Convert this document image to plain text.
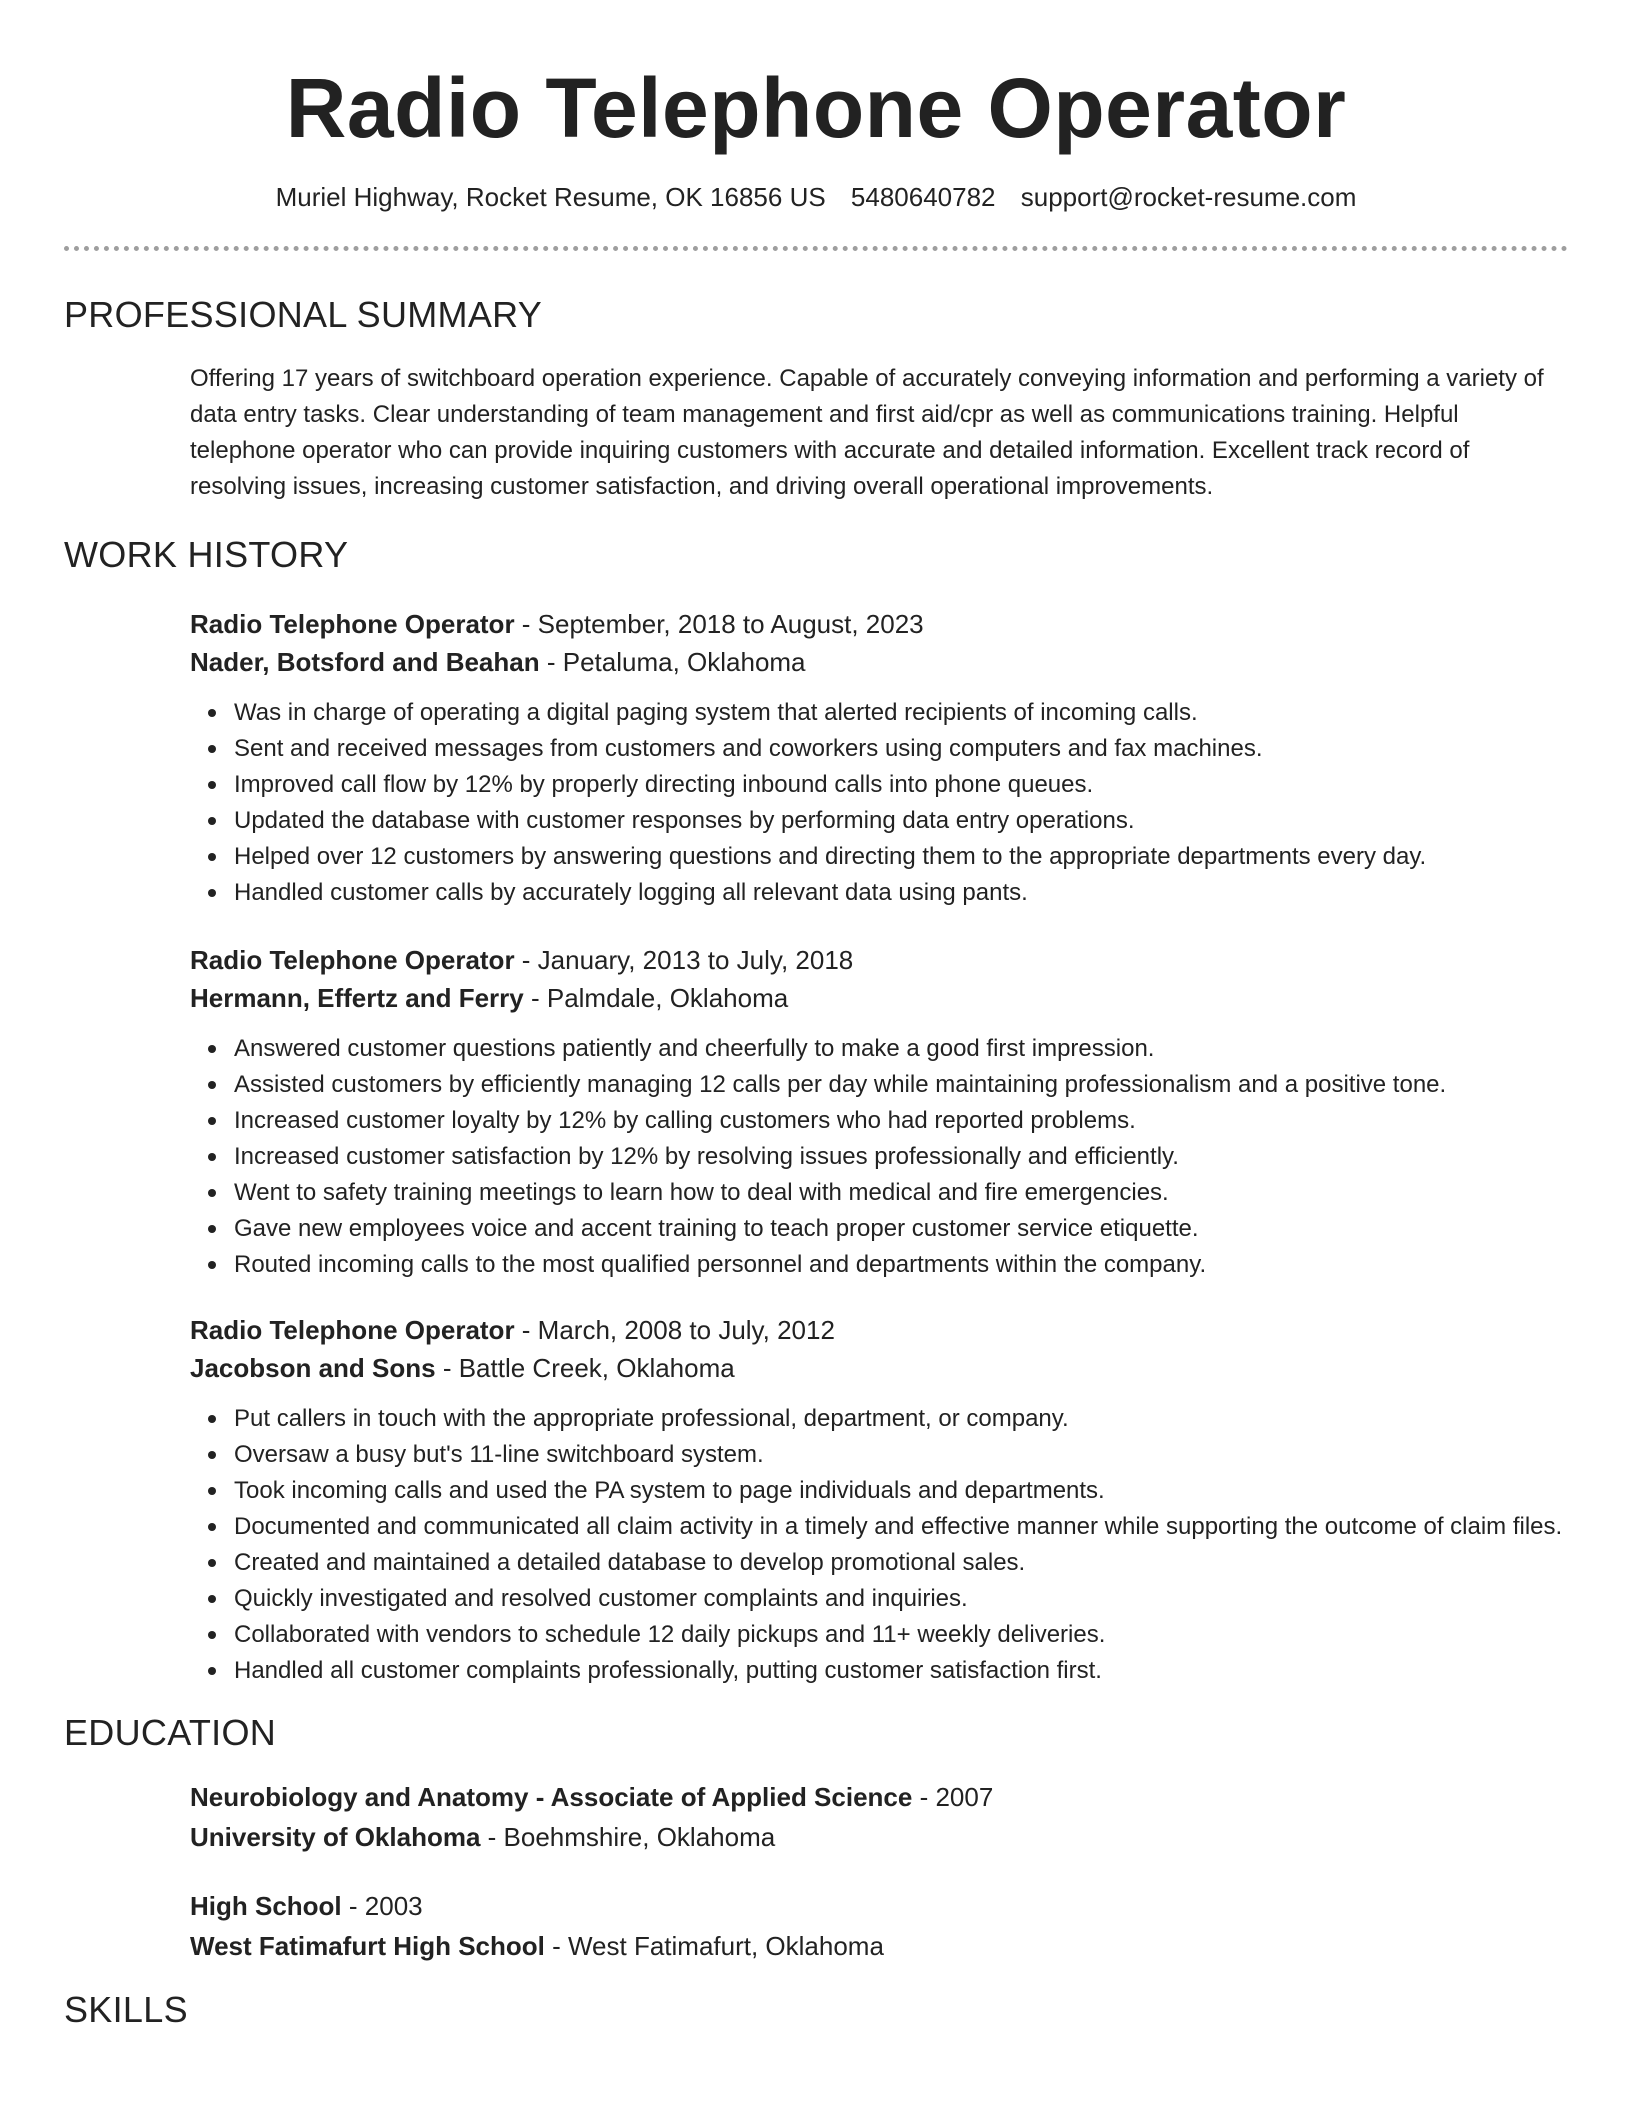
Radio Telephone Operator
Muriel Highway, Rocket Resume, OK 16856 US 5480640782 support@rocket-resume.com
PROFESSIONAL SUMMARY

Offering 17 years of switchboard operation experience. Capable of accurately conveying information and performing a variety of data entry tasks. Clear understanding of team management and first aid/cpr as well as communications training. Helpful telephone operator who can provide inquiring customers with accurate and detailed information. Excellent track record of resolving issues, increasing customer satisfaction, and driving overall operational improvements.

WORK HISTORY
Radio Telephone Operator - September, 2018 to August, 2023
Nader, Botsford and Beahan - Petaluma, Oklahoma
Was in charge of operating a digital paging system that alerted recipients of incoming calls.
Sent and received messages from customers and coworkers using computers and fax machines.
Improved call flow by 12% by properly directing inbound calls into phone queues.
Updated the database with customer responses by performing data entry operations.
Helped over 12 customers by answering questions and directing them to the appropriate departments every day.
Handled customer calls by accurately logging all relevant data using pants.
Radio Telephone Operator - January, 2013 to July, 2018
Hermann, Effertz and Ferry - Palmdale, Oklahoma
Answered customer questions patiently and cheerfully to make a good first impression.
Assisted customers by efficiently managing 12 calls per day while maintaining professionalism and a positive tone.
Increased customer loyalty by 12% by calling customers who had reported problems.
Increased customer satisfaction by 12% by resolving issues professionally and efficiently.
Went to safety training meetings to learn how to deal with medical and fire emergencies.
Gave new employees voice and accent training to teach proper customer service etiquette.
Routed incoming calls to the most qualified personnel and departments within the company.
Radio Telephone Operator - March, 2008 to July, 2012
Jacobson and Sons - Battle Creek, Oklahoma
Put callers in touch with the appropriate professional, department, or company.
Oversaw a busy but's 11-line switchboard system.
Took incoming calls and used the PA system to page individuals and departments.
Documented and communicated all claim activity in a timely and effective manner while supporting the outcome of claim files.
Created and maintained a detailed database to develop promotional sales.
Quickly investigated and resolved customer complaints and inquiries.
Collaborated with vendors to schedule 12 daily pickups and 11+ weekly deliveries.
Handled all customer complaints professionally, putting customer satisfaction first.
EDUCATION
Neurobiology and Anatomy - Associate of Applied Science - 2007
University of Oklahoma - Boehmshire, Oklahoma
High School - 2003
West Fatimafurt High School - West Fatimafurt, Oklahoma
SKILLS
